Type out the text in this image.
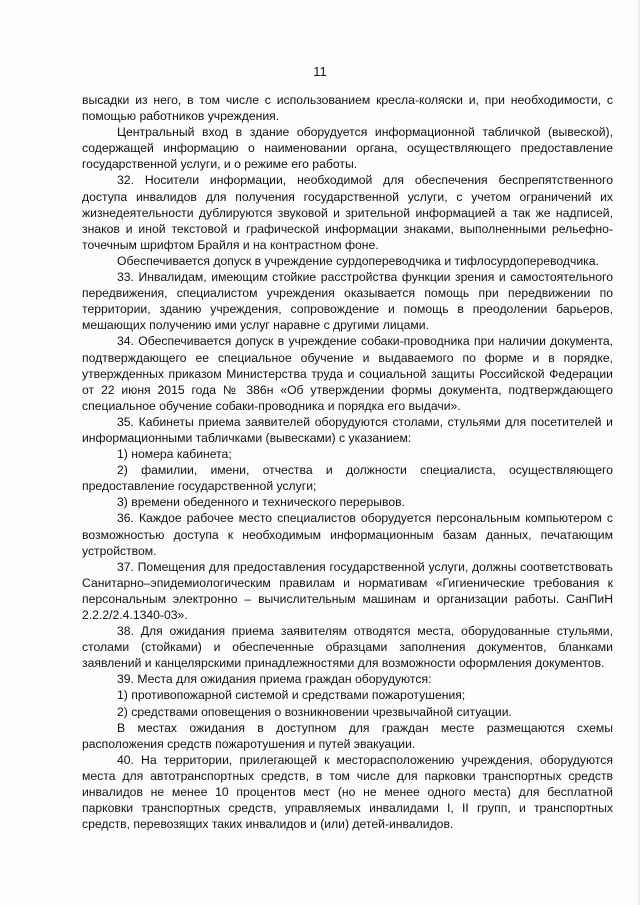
11

высадки из него, в том числе с использованием кресла-коляски и, при необходимости, с помощью работников учреждения.

Центральный вход в здание оборудуется информационной табличкой (вывеской), содержащей информацию о наименовании органа, осуществляющего предоставление государственной услуги, и о режиме его работы.

32. Носители информации, необходимой для обеспечения беспрепятственного доступа инвалидов для получения государственной услуги, с учетом ограничений их жизнедеятельности дублируются звуковой и зрительной информацией а так же надписей, знаков и иной текстовой и графической информации знаками, выполненными рельефно-точечным шрифтом Брайля и на контрастном фоне.

Обеспечивается допуск в учреждение сурдопереводчика и тифлосурдопереводчика.

33. Инвалидам, имеющим стойкие расстройства функции зрения и самостоятельного передвижения, специалистом учреждения оказывается помощь при передвижении по территории, зданию учреждения, сопровождение и помощь в преодолении барьеров, мешающих получению ими услуг наравне с другими лицами.

34. Обеспечивается допуск в учреждение собаки-проводника при наличии документа, подтверждающего ее специальное обучение и выдаваемого по форме и в порядке, утвержденных приказом Министерства труда и социальной защиты Российской Федерации от 22 июня 2015 года № 386н «Об утверждении формы документа, подтверждающего специальное обучение собаки-проводника и порядка его выдачи».

35. Кабинеты приема заявителей оборудуются столами, стульями для посетителей и информационными табличками (вывесками) с указанием:

1) номера кабинета;

2) фамилии, имени, отчества и должности специалиста, осуществляющего предоставление государственной услуги;

3) времени обеденного и технического перерывов.

36. Каждое рабочее место специалистов оборудуется персональным компьютером с возможностью доступа к необходимым информационным базам данных, печатающим устройством.

37. Помещения для предоставления государственной услуги, должны соответствовать Санитарно–эпидемиологическим правилам и нормативам «Гигиенические требования к персональным электронно – вычислительным машинам и организации работы. СанПиН 2.2.2/2.4.1340-03».

38. Для ожидания приема заявителям отводятся места, оборудованные стульями, столами (стойками) и обеспеченные образцами заполнения документов, бланками заявлений и канцелярскими принадлежностями для возможности оформления документов.

39. Места для ожидания приема граждан оборудуются:

1) противопожарной системой и средствами пожаротушения;

2) средствами оповещения о возникновении чрезвычайной ситуации.

В местах ожидания в доступном для граждан месте размещаются схемы расположения средств пожаротушения и путей эвакуации.

40. На территории, прилегающей к месторасположению учреждения, оборудуются места для автотранспортных средств, в том числе для парковки транспортных средств инвалидов не менее 10 процентов мест (но не менее одного места) для бесплатной парковки транспортных средств, управляемых инвалидами I, II групп, и транспортных средств, перевозящих таких инвалидов и (или) детей-инвалидов.
